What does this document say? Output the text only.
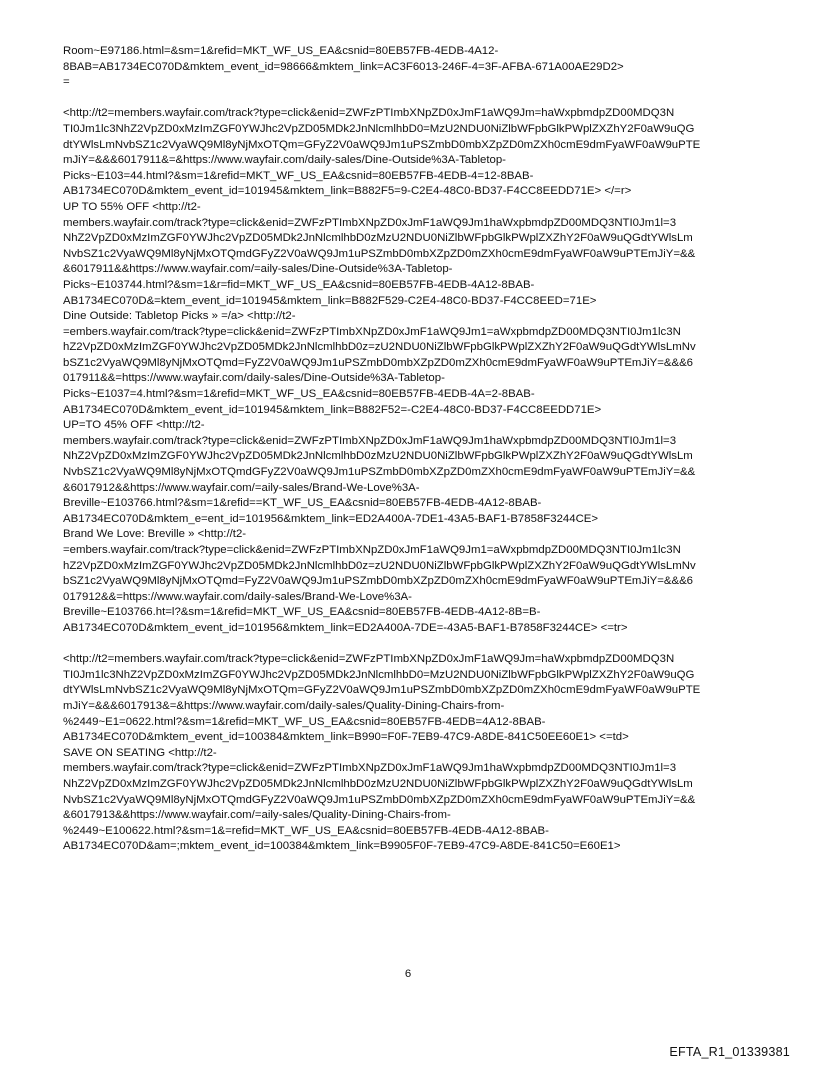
Room~E97186.html=&sm=1&refid=MKT_WF_US_EA&csnid=80EB57FB-4EDB-4A12-
8BAB=AB1734EC070D&mktem_event_id=98666&mktem_link=AC3F6013-246F-4=3F-AFBA-671A00AE29D2>
=
<http://t2=members.wayfair.com/track?type=click&enid=ZWFzPTImbXNpZD0xJmF1aWQ9Jm=haWxpbmdpZD00MDQ3N
TI0Jm1lc3NhZ2VpZD0xMzImZGF0YWJhc2VpZD05MDk2JnNlcmlhbD0=MzU2NDU0NiZlbWFpbGlkPWplZXZhY2F0aW9uQG
dtYWlsLmNvbSZ1c2VyaWQ9Ml8yNjMxOTQm=GFyZ2V0aWQ9Jm1uPSZmbD0mbXZpZD0mZXh0cmE9dmFyaWF0aW9uPTE
mJiY=&&&6017911&=&https://www.wayfair.com/daily-sales/Dine-Outside%3A-Tabletop-
Picks~E103=44.html?&sm=1&refid=MKT_WF_US_EA&csnid=80EB57FB-4EDB-4=12-8BAB-
AB1734EC070D&mktem_event_id=101945&mktem_link=B882F5=9-C2E4-48C0-BD37-F4CC8EEDD71E> </=r>
UP TO 55% OFF <http://t2-
members.wayfair.com/track?type=click&enid=ZWFzPTImbXNpZD0xJmF1aWQ9Jm1haWxpbmdpZD00MDQ3NTI0Jm1l=3
NhZ2VpZD0xMzImZGF0YWJhc2VpZD05MDk2JnNlcmlhbD0zMzU2NDU0NiZlbWFpbGlkPWplZXZhY2F0aW9uQGdtYWlsLm
NvbSZ1c2VyaWQ9Ml8yNjMxOTQmdGFyZ2V0aWQ9Jm1uPSZmbD0mbXZpZD0mZXh0cmE9dmFyaWF0aW9uPTEmJiY=&&
&6017911&&https://www.wayfair.com/=aily-sales/Dine-Outside%3A-Tabletop-
Picks~E103744.html?&sm=1&r=fid=MKT_WF_US_EA&csnid=80EB57FB-4EDB-4A12-8BAB-
AB1734EC070D&=ktem_event_id=101945&mktem_link=B882F529-C2E4-48C0-BD37-F4CC8EED=71E>
Dine Outside: Tabletop Picks » =/a> <http://t2-
=embers.wayfair.com/track?type=click&enid=ZWFzPTImbXNpZD0xJmF1aWQ9Jm1=aWxpbmdpZD00MDQ3NTI0Jm1lc3N
hZ2VpZD0xMzImZGF0YWJhc2VpZD05MDk2JnNlcmlhbD0z=zU2NDU0NiZlbWFpbGlkPWplZXZhY2F0aW9uQGdtYWlsLmNv
bSZ1c2VyaWQ9Ml8yNjMxOTQmd=FyZ2V0aWQ9Jm1uPSZmbD0mbXZpZD0mZXh0cmE9dmFyaWF0aW9uPTEmJiY=&&&6
017911&&=https://www.wayfair.com/daily-sales/Dine-Outside%3A-Tabletop-
Picks~E1037=4.html?&sm=1&refid=MKT_WF_US_EA&csnid=80EB57FB-4EDB-4A=2-8BAB-
AB1734EC070D&mktem_event_id=101945&mktem_link=B882F52=-C2E4-48C0-BD37-F4CC8EEDD71E>
UP=TO 45% OFF <http://t2-
members.wayfair.com/track?type=click&enid=ZWFzPTImbXNpZD0xJmF1aWQ9Jm1haWxpbmdpZD00MDQ3NTI0Jm1l=3
NhZ2VpZD0xMzImZGF0YWJhc2VpZD05MDk2JnNlcmlhbD0zMzU2NDU0NiZlbWFpbGlkPWplZXZhY2F0aW9uQGdtYWlsLm
NvbSZ1c2VyaWQ9Ml8yNjMxOTQmdGFyZ2V0aWQ9Jm1uPSZmbD0mbXZpZD0mZXh0cmE9dmFyaWF0aW9uPTEmJiY=&&
&6017912&&https://www.wayfair.com/=aily-sales/Brand-We-Love%3A-
Breville~E103766.html?&sm=1&refid==KT_WF_US_EA&csnid=80EB57FB-4EDB-4A12-8BAB-
AB1734EC070D&mktem_e=ent_id=101956&mktem_link=ED2A400A-7DE1-43A5-BAF1-B7858F3244CE>
Brand We Love: Breville » <http://t2-
=embers.wayfair.com/track?type=click&enid=ZWFzPTImbXNpZD0xJmF1aWQ9Jm1=aWxpbmdpZD00MDQ3NTI0Jm1lc3N
hZ2VpZD0xMzImZGF0YWJhc2VpZD05MDk2JnNlcmlhbD0z=zU2NDU0NiZlbWFpbGlkPWplZXZhY2F0aW9uQGdtYWlsLmNv
bSZ1c2VyaWQ9Ml8yNjMxOTQmd=FyZ2V0aWQ9Jm1uPSZmbD0mbXZpZD0mZXh0cmE9dmFyaWF0aW9uPTEmJiY=&&&6
017912&&=https://www.wayfair.com/daily-sales/Brand-We-Love%3A-
Breville~E103766.ht=l?&sm=1&refid=MKT_WF_US_EA&csnid=80EB57FB-4EDB-4A12-8B=B-
AB1734EC070D&mktem_event_id=101956&mktem_link=ED2A400A-7DE=-43A5-BAF1-B7858F3244CE> <=tr>
<http://t2=members.wayfair.com/track?type=click&enid=ZWFzPTImbXNpZD0xJmF1aWQ9Jm=haWxpbmdpZD00MDQ3N
TI0Jm1lc3NhZ2VpZD0xMzImZGF0YWJhc2VpZD05MDk2JnNlcmlhbD0=MzU2NDU0NiZlbWFpbGlkPWplZXZhY2F0aW9uQG
dtYWlsLmNvbSZ1c2VyaWQ9Ml8yNjMxOTQm=GFyZ2V0aWQ9Jm1uPSZmbD0mbXZpZD0mZXh0cmE9dmFyaWF0aW9uPTE
mJiY=&&&6017913&=&https://www.wayfair.com/daily-sales/Quality-Dining-Chairs-from-
%2449~E1=0622.html?&sm=1&refid=MKT_WF_US_EA&csnid=80EB57FB-4EDB=4A12-8BAB-
AB1734EC070D&mktem_event_id=100384&mktem_link=B990=F0F-7EB9-47C9-A8DE-841C50EE60E1> <=td>
SAVE ON SEATING <http://t2-
members.wayfair.com/track?type=click&enid=ZWFzPTImbXNpZD0xJmF1aWQ9Jm1haWxpbmdpZD00MDQ3NTI0Jm1l=3
NhZ2VpZD0xMzImZGF0YWJhc2VpZD05MDk2JnNlcmlhbD0zMzU2NDU0NiZlbWFpbGlkPWplZXZhY2F0aW9uQGdtYWlsLm
NvbSZ1c2VyaWQ9Ml8yNjMxOTQmdGFyZ2V0aWQ9Jm1uPSZmbD0mbXZpZD0mZXh0cmE9dmFyaWF0aW9uPTEmJiY=&&
&6017913&&https://www.wayfair.com/=aily-sales/Quality-Dining-Chairs-from-
%2449~E100622.html?&sm=1&=refid=MKT_WF_US_EA&csnid=80EB57FB-4EDB-4A12-8BAB-
AB1734EC070D&am=;mktem_event_id=100384&mktem_link=B9905F0F-7EB9-47C9-A8DE-841C50=E60E1>
6
EFTA_R1_01339381
